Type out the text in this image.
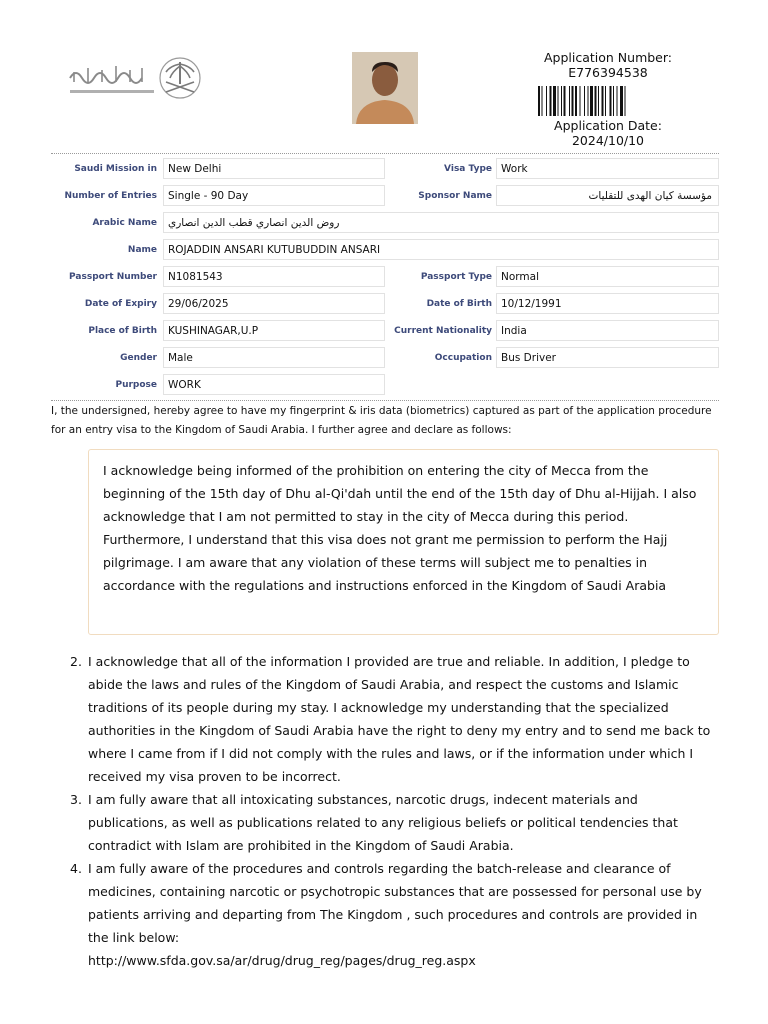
Application Number:
E776394538
Application Date:
2024/10/10
Saudi Mission in	New Delhi	Visa Type Work
Number of Entries	Single - 90 Day	Sponsor Name	مؤسسة كيان الهدى للتقليات
Arabic Name	روض الدين انصاري قطب الدين انصاري
Name	ROJADDIN ANSARI KUTUBUDDIN ANSARI
Passport Number	N1081543	Passport Type Normal
Date of Expiry	29/06/2025	Date of Birth 10/12/1991
Place of Birth	KUSHINAGAR,U.P	Current Nationality India
Gender	Male	Occupation Bus Driver
Purpose	WORK
I, the undersigned, hereby agree to have my fingerprint & iris data (biometrics) captured as part of the application procedure for an entry visa to the Kingdom of Saudi Arabia. I further agree and declare as follows:
I acknowledge being informed of the prohibition on entering the city of Mecca from the beginning of the 15th day of Dhu al-Qi'dah until the end of the 15th day of Dhu al-Hijjah. I also acknowledge that I am not permitted to stay in the city of Mecca during this period. Furthermore, I understand that this visa does not grant me permission to perform the Hajj pilgrimage. I am aware that any violation of these terms will subject me to penalties in accordance with the regulations and instructions enforced in the Kingdom of Saudi Arabia
2. I acknowledge that all of the information I provided are true and reliable. In addition, I pledge to abide the laws and rules of the Kingdom of Saudi Arabia, and respect the customs and Islamic traditions of its people during my stay. I acknowledge my understanding that the specialized authorities in the Kingdom of Saudi Arabia have the right to deny my entry and to send me back to where I came from if I did not comply with the rules and laws, or if the information under which I received my visa proven to be incorrect.
3. I am fully aware that all intoxicating substances, narcotic drugs, indecent materials and publications, as well as publications related to any religious beliefs or political tendencies that contradict with Islam are prohibited in the Kingdom of Saudi Arabia.
4. I am fully aware of the procedures and controls regarding the batch-release and clearance of medicines, containing narcotic or psychotropic substances that are possessed for personal use by patients arriving and departing from The Kingdom , such procedures and controls are provided in the link below:
http://www.sfda.gov.sa/ar/drug/drug_reg/pages/drug_reg.aspx
